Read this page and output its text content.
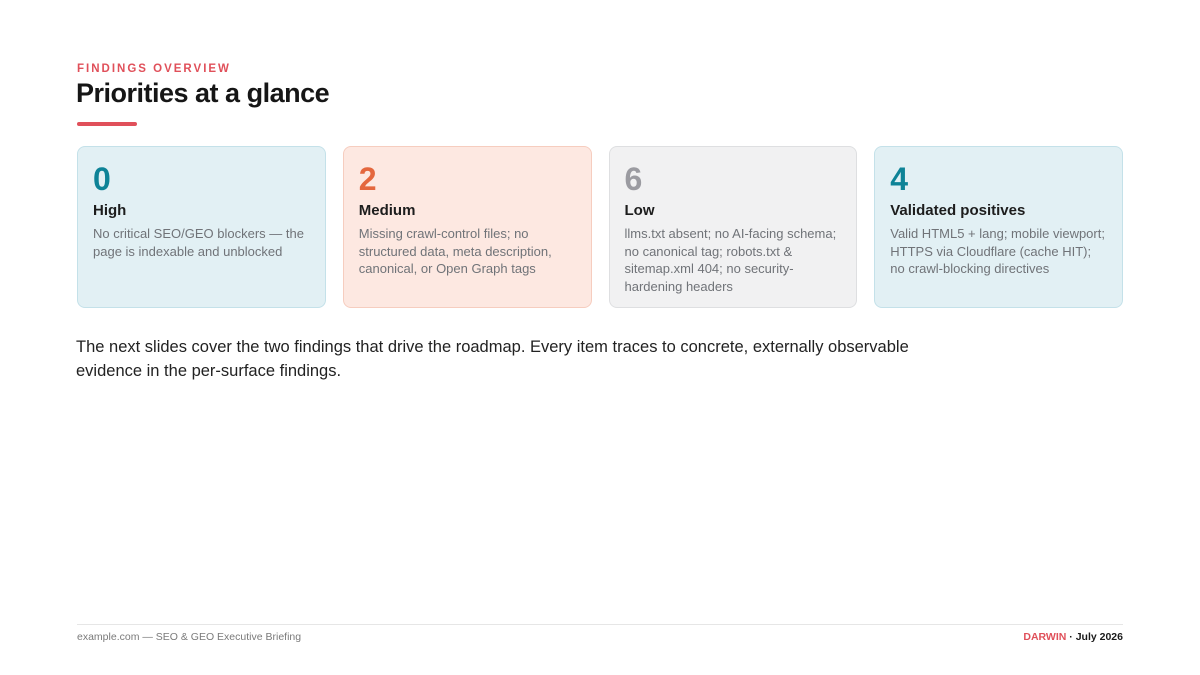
FINDINGS OVERVIEW
Priorities at a glance
0
High
No critical SEO/GEO blockers — the page is indexable and unblocked
2
Medium
Missing crawl-control files; no structured data, meta description, canonical, or Open Graph tags
6
Low
llms.txt absent; no AI-facing schema; no canonical tag; robots.txt & sitemap.xml 404; no security-hardening headers
4
Validated positives
Valid HTML5 + lang; mobile viewport; HTTPS via Cloudflare (cache HIT); no crawl-blocking directives

The next slides cover the two findings that drive the roadmap. Every item traces to concrete, externally observable evidence in the per-surface findings.

example.com — SEO & GEO Executive Briefing	DARWIN · July 2026
